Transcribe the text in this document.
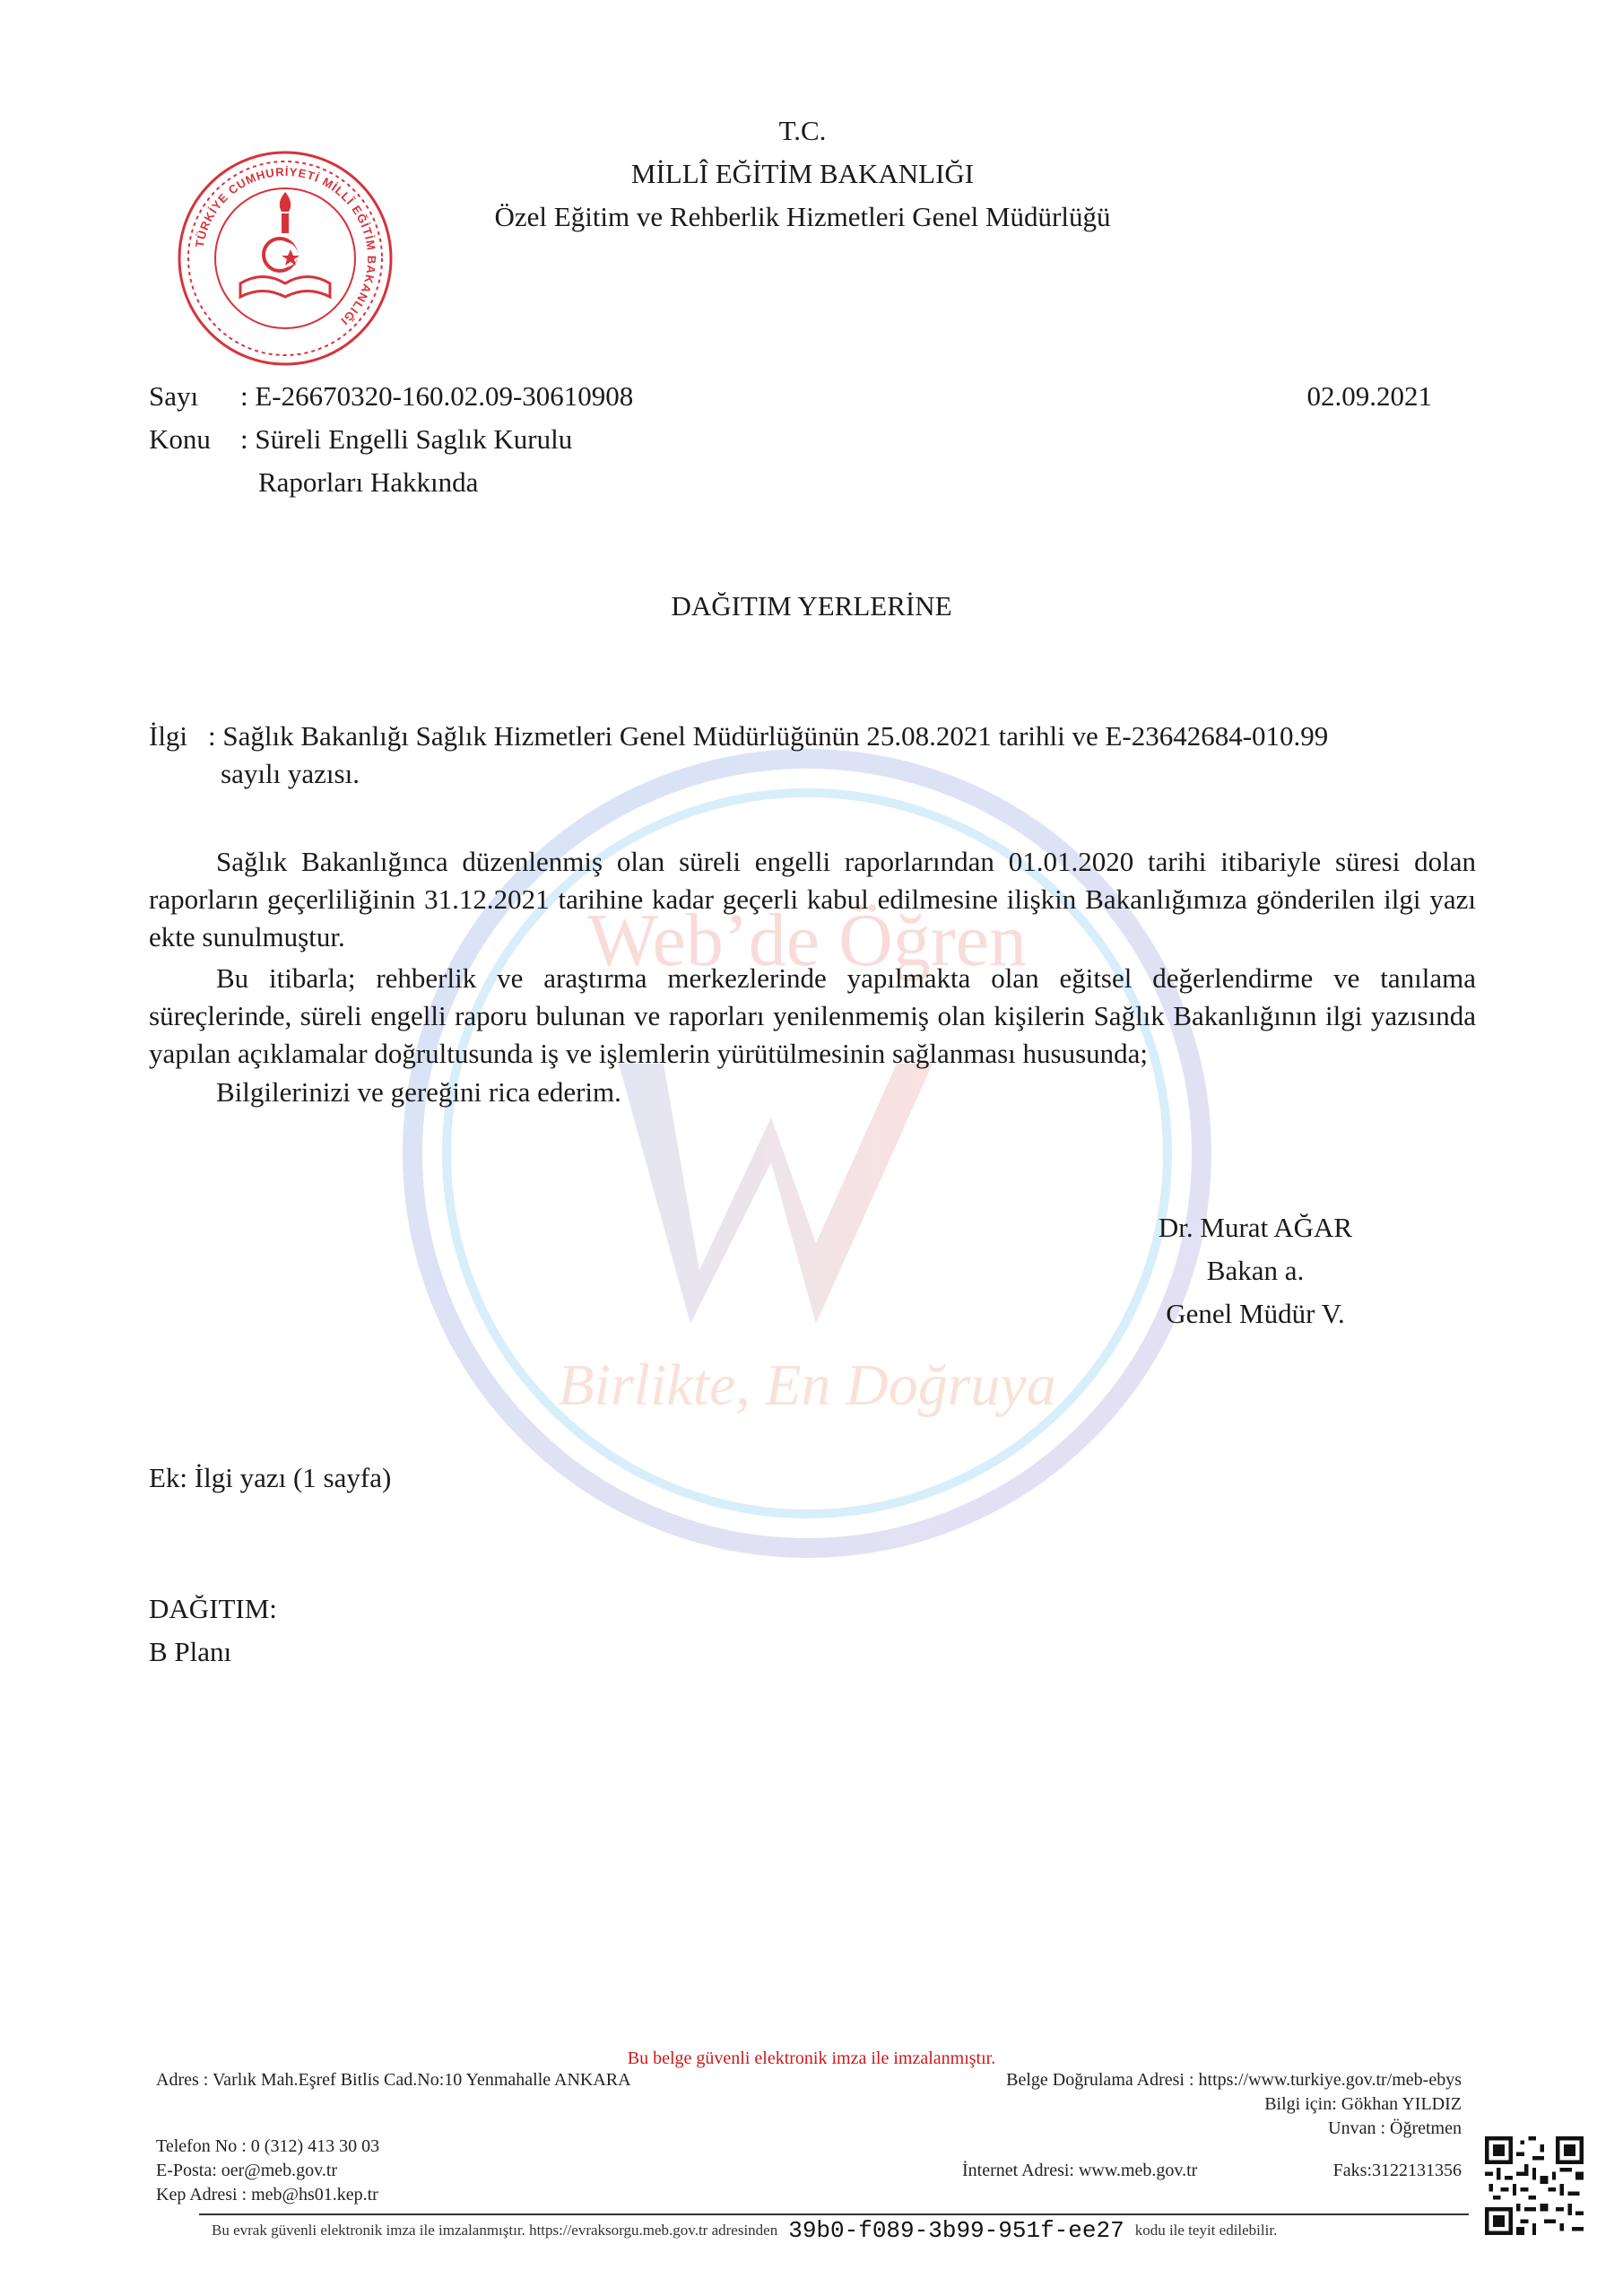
Web’de Öğren
Birlikte, En Doğruya
TÜRKİYE CUMHURİYETİ MİLLÎ EĞİTİM BAKANLIĞI
T.C.
MİLLÎ EĞİTİM BAKANLIĞI
Özel Eğitim ve Rehberlik Hizmetleri Genel Müdürlüğü
Sayı : E-26670320-160.02.09-30610908
Konu : Süreli Engelli Saglık Kurulu
Raporları Hakkında
02.09.2021
DAĞITIM YERLERİNE
İlgi : Sağlık Bakanlığı Sağlık Hizmetleri Genel Müdürlüğünün 25.08.2021 tarihli ve E-23642684-010.99
sayılı yazısı.
Sağlık Bakanlığınca düzenlenmiş olan süreli engelli raporlarından 01.01.2020 tarihi itibariyle süresi dolan raporların geçerliliğinin 31.12.2021 tarihine kadar geçerli kabul edilmesine ilişkin Bakanlığımıza gönderilen ilgi yazı ekte sunulmuştur.
Bu itibarla; rehberlik ve araştırma merkezlerinde yapılmakta olan eğitsel değerlendirme ve tanılama süreçlerinde, süreli engelli raporu bulunan ve raporları yenilenmemiş olan kişilerin Sağlık Bakanlığının ilgi yazısında yapılan açıklamalar doğrultusunda iş ve işlemlerin yürütülmesinin sağlanması hususunda;
Bilgilerinizi ve gereğini rica ederim.
Dr. Murat AĞAR
Bakan a.
Genel Müdür V.
Ek: İlgi yazı (1 sayfa)
DAĞITIM:
B Planı
Bu belge güvenli elektronik imza ile imzalanmıştır.
Adres : Varlık Mah.Eşref Bitlis Cad.No:10 Yenmahalle ANKARA	Belge Doğrulama Adresi : https://www.turkiye.gov.tr/meb-ebys
Bilgi için: Gökhan YILDIZ
Unvan : Öğretmen
Telefon No : 0 (312) 413 30 03
E-Posta: oer@meb.gov.tr
Kep Adresi : meb@hs01.kep.tr
İnternet Adresi: www.meb.gov.tr	Faks:3122131356
Bu evrak güvenli elektronik imza ile imzalanmıştır. https://evraksorgu.meb.gov.tr adresinden 39b0-f089-3b99-951f-ee27 kodu ile teyit edilebilir.
